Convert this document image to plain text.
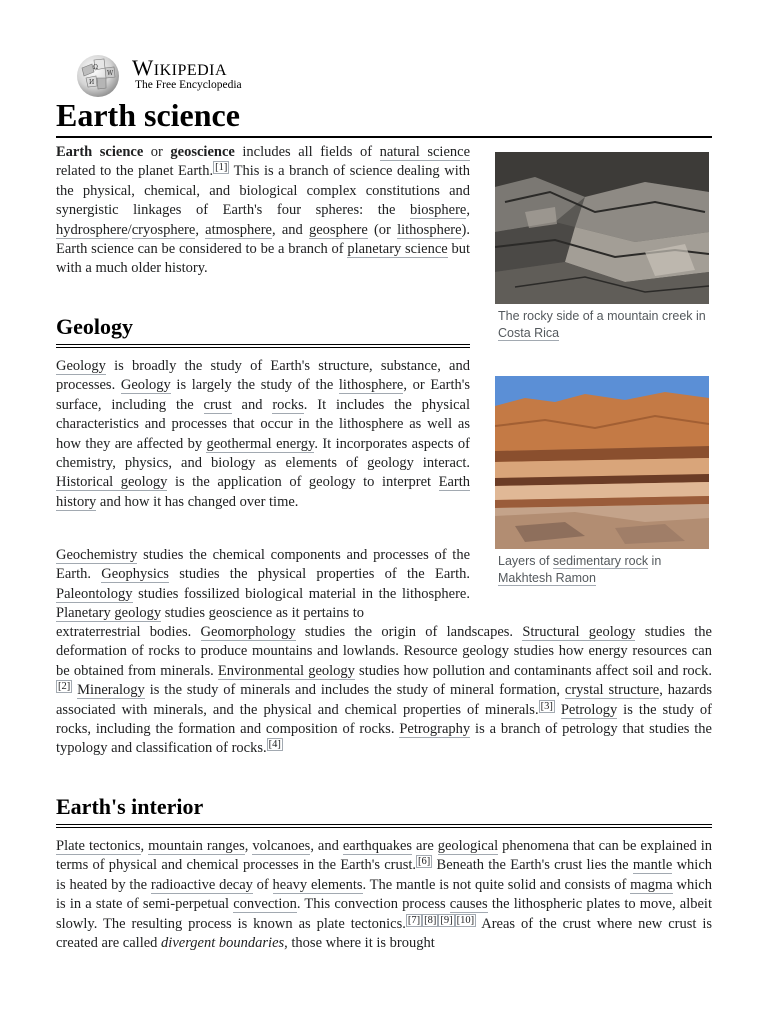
Ω
W
И
Wikipedia
The Free Encyclopedia
Earth science

Earth science or geoscience includes all fields of natural science related to the planet Earth. [1] This is a branch of science dealing with the physical, chemical, and biological complex constitutions and synergistic linkages of Earth's four spheres: the biosphere, hydrosphere/cryosphere, atmosphere, and geosphere (or lithosphere). Earth science can be considered to be a branch of planetary science but with a much older history.

The rocky side of a mountain creek in Costa Rica
Geology

Geology is broadly the study of Earth's structure, substance, and processes. Geology is largely the study of the lithosphere, or Earth's surface, including the crust and rocks. It includes the physical characteristics and processes that occur in the lithosphere as well as how they are affected by geothermal energy. It incorporates aspects of chemistry, physics, and biology as elements of geology interact. Historical geology is the application of geology to interpret Earth history and how it has changed over time.

Layers of sedimentary rock in Makhtesh Ramon

Geochemistry studies the chemical components and processes of the Earth. Geophysics studies the physical properties of the Earth. Paleontology studies fossilized biological material in the lithosphere. Planetary geology studies geoscience as it pertains to

extraterrestrial bodies. Geomorphology studies the origin of landscapes. Structural geology studies the deformation of rocks to produce mountains and lowlands. Resource geology studies how energy resources can be obtained from minerals. Environmental geology studies how pollution and contaminants affect soil and rock.[2] Mineralogy is the study of minerals and includes the study of mineral formation, crystal structure, hazards associated with minerals, and the physical and chemical properties of minerals. [3] Petrology is the study of rocks, including the formation and composition of rocks. Petrography is a branch of petrology that studies the typology and classification of rocks. [4]

Earth's interior

Plate tectonics, mountain ranges, volcanoes, and earthquakes are geological phenomena that can be explained in terms of physical and chemical processes in the Earth's crust. [6] Beneath the Earth's crust lies the mantle which is heated by the radioactive decay of heavy elements. The mantle is not quite solid and consists of magma which is in a state of semi-perpetual convection. This convection process causes the lithospheric plates to move, albeit slowly. The resulting process is known as plate tectonics. [7] [8] [9] [10] Areas of the crust where new crust is created are called divergent boundaries, those where it is brought
